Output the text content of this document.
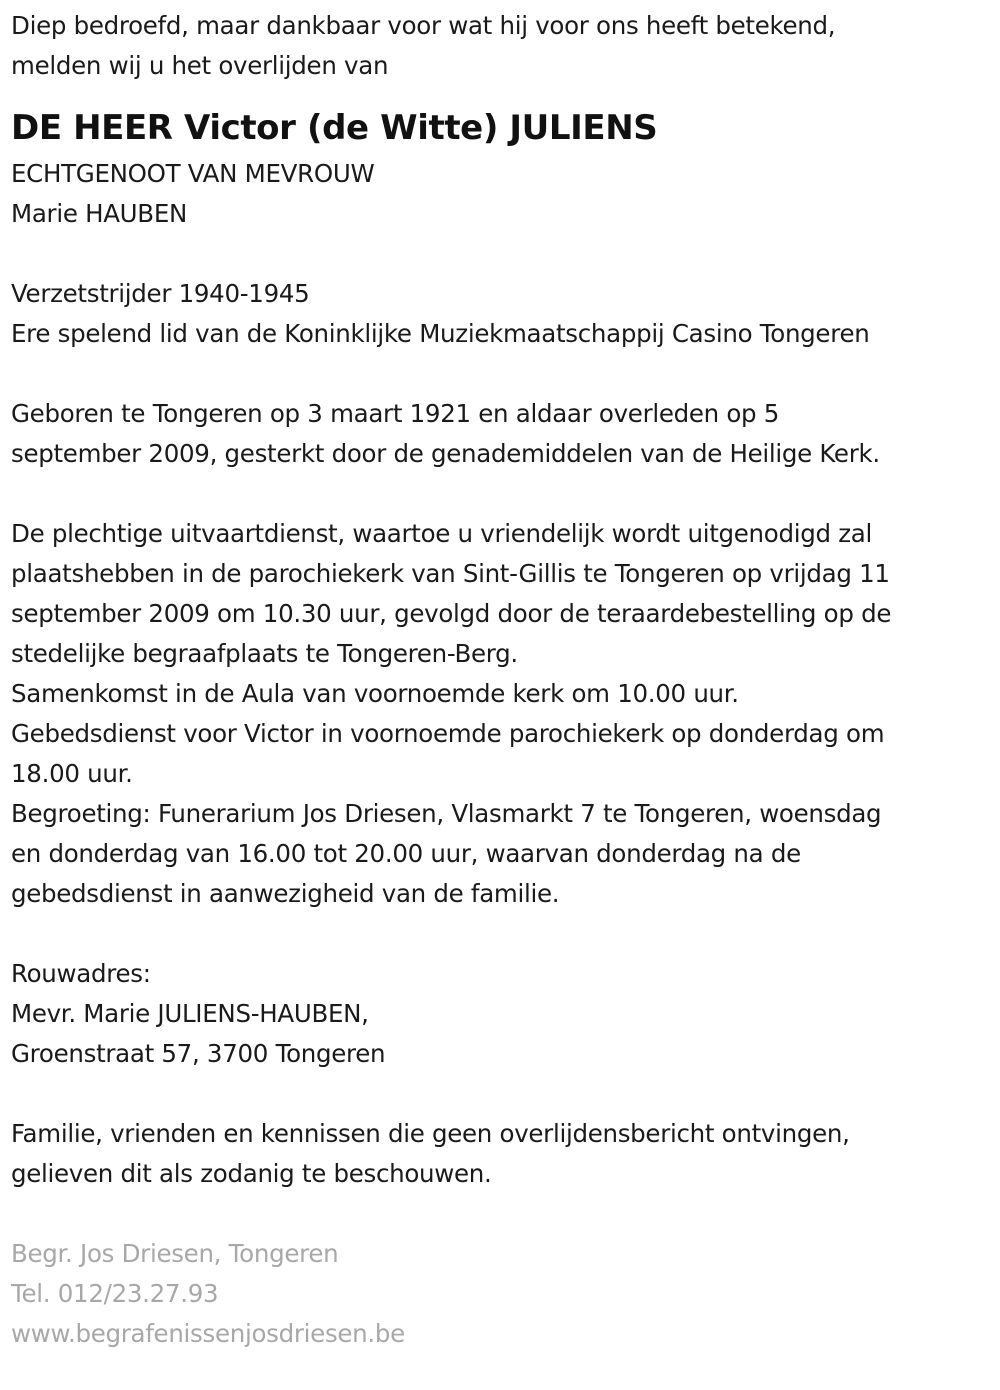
Diep bedroefd, maar dankbaar voor wat hij voor ons heeft betekend,
melden wij u het overlijden van
DE HEER Victor (de Witte) JULIENS
ECHTGENOOT VAN MEVROUW
Marie HAUBEN
Verzetstrijder 1940-1945
Ere spelend lid van de Koninklijke Muziekmaatschappij Casino Tongeren
Geboren te Tongeren op 3 maart 1921 en aldaar overleden op 5
september 2009, gesterkt door de genademiddelen van de Heilige Kerk.
De plechtige uitvaartdienst, waartoe u vriendelijk wordt uitgenodigd zal
plaatshebben in de parochiekerk van Sint-Gillis te Tongeren op vrijdag 11
september 2009 om 10.30 uur, gevolgd door de teraardebestelling op de
stedelijke begraafplaats te Tongeren-Berg.
Samenkomst in de Aula van voornoemde kerk om 10.00 uur.
Gebedsdienst voor Victor in voornoemde parochiekerk op donderdag om
18.00 uur.
Begroeting: Funerarium Jos Driesen, Vlasmarkt 7 te Tongeren, woensdag
en donderdag van 16.00 tot 20.00 uur, waarvan donderdag na de
gebedsdienst in aanwezigheid van de familie.
Rouwadres:
Mevr. Marie JULIENS-HAUBEN,
Groenstraat 57, 3700 Tongeren
Familie, vrienden en kennissen die geen overlijdensbericht ontvingen,
gelieven dit als zodanig te beschouwen.
Begr. Jos Driesen, Tongeren
Tel. 012/23.27.93
www.begrafenissenjosdriesen.be
